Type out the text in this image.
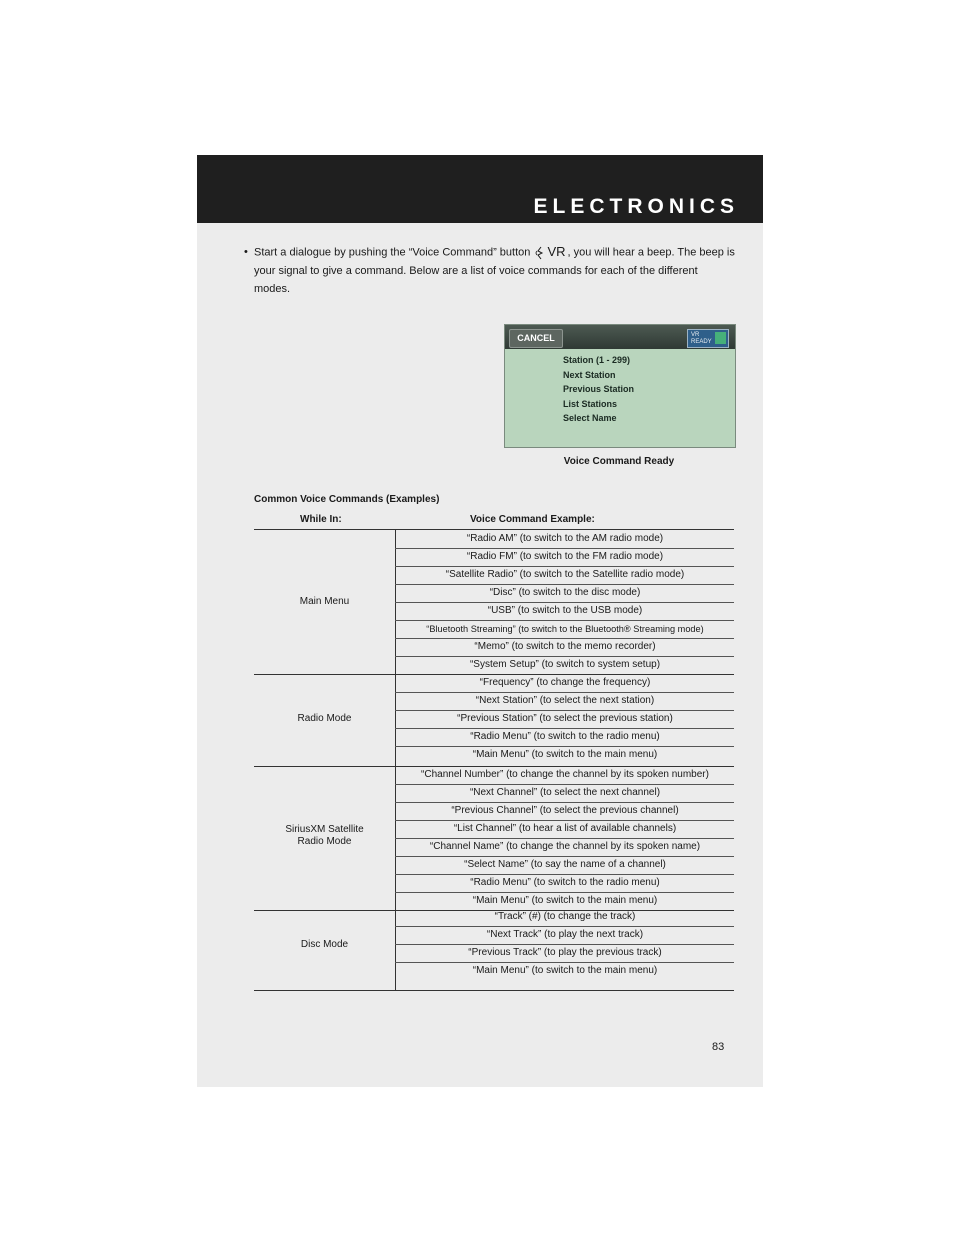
ELECTRONICS
• Start a dialogue by pushing the “Voice Command” button VR , you will hear a beep. The beep is your signal to give a command. Below are a list of voice commands for each of the different modes.
CANCEL	VR READY
Station (1 - 299)
Next Station
Previous Station
List Stations
Select Name
Voice Command Ready
Common Voice Commands (Examples)
While In:	Voice Command Example:
Main Menu
“Radio AM” (to switch to the AM radio mode)
“Radio FM” (to switch to the FM radio mode)
“Satellite Radio” (to switch to the Satellite radio mode)
“Disc” (to switch to the disc mode)
“USB” (to switch to the USB mode)
“Bluetooth Streaming” (to switch to the Bluetooth® Streaming mode)
“Memo” (to switch to the memo recorder)
“System Setup” (to switch to system setup)
Radio Mode
“Frequency” (to change the frequency)
“Next Station” (to select the next station)
“Previous Station” (to select the previous station)
“Radio Menu” (to switch to the radio menu)
“Main Menu” (to switch to the main menu)
SiriusXM Satellite
Radio Mode
“Channel Number” (to change the channel by its spoken number)
“Next Channel” (to select the next channel)
“Previous Channel” (to select the previous channel)
“List Channel” (to hear a list of available channels)
“Channel Name” (to change the channel by its spoken name)
“Select Name” (to say the name of a channel)
“Radio Menu” (to switch to the radio menu)
“Main Menu” (to switch to the main menu)
Disc Mode
“Track” (#) (to change the track)
“Next Track” (to play the next track)
“Previous Track” (to play the previous track)
“Main Menu” (to switch to the main menu)
83
